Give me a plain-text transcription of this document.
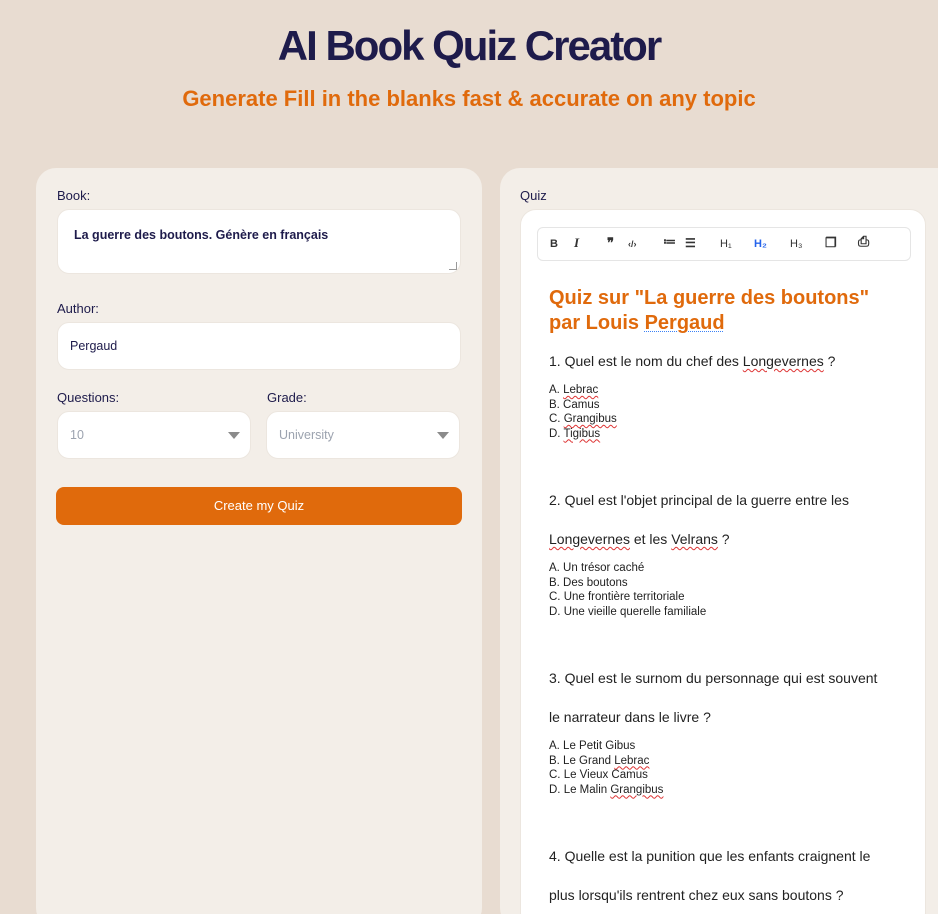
AI Book Quiz Creator
Generate Fill in the blanks fast & accurate on any topic
Book:
La guerre des boutons. Génère en français
Author:
Pergaud
Questions:
10
Grade:
University
Create my Quiz
Quiz
B I ❞ ‹/› ≔ ☰ H₁ H₂ H₃ ❐ ⎙
Quiz sur "La guerre des boutons"
par Louis Pergaud
1. Quel est le nom du chef des Longevernes ?
A. Lebrac
B. Camus
C. Grangibus
D. Tigibus
2. Quel est l'objet principal de la guerre entre les
Longevernes et les Velrans ?
A. Un trésor caché
B. Des boutons
C. Une frontière territoriale
D. Une vieille querelle familiale
3. Quel est le surnom du personnage qui est souvent
le narrateur dans le livre ?
A. Le Petit Gibus
B. Le Grand Lebrac
C. Le Vieux Camus
D. Le Malin Grangibus
4. Quelle est la punition que les enfants craignent le
plus lorsqu'ils rentrent chez eux sans boutons ?
